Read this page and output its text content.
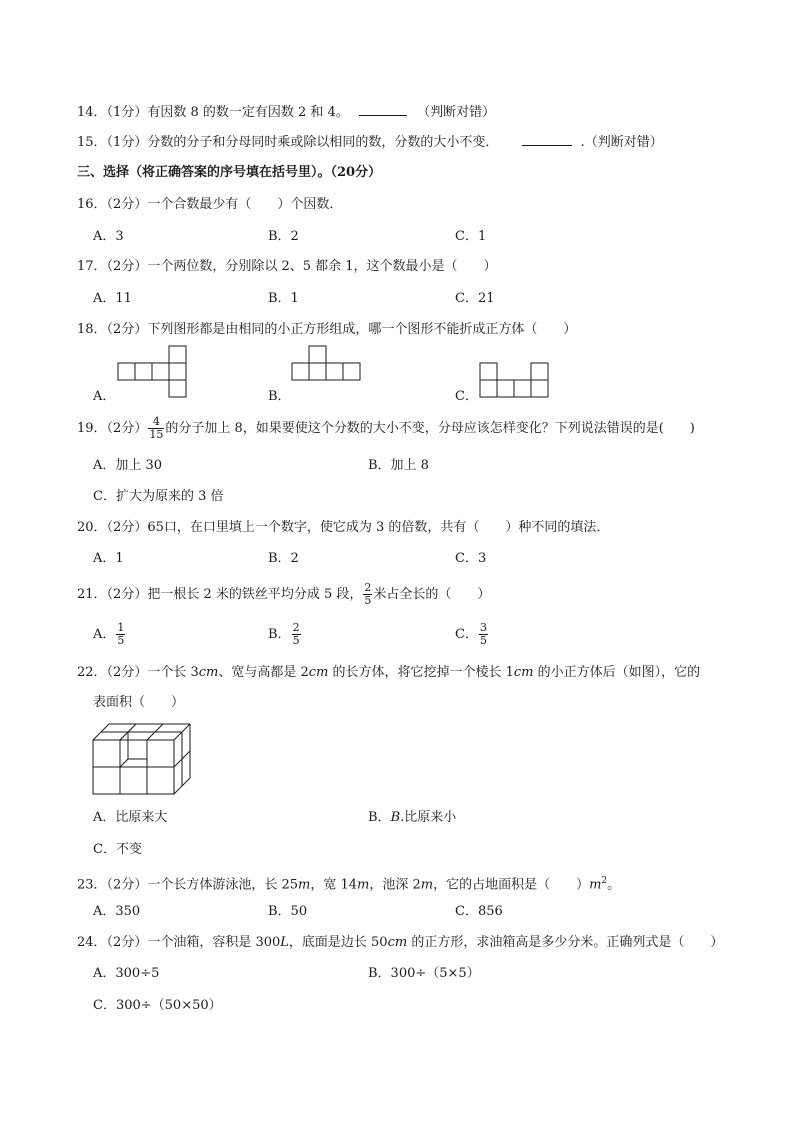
14．（1分）有因数 8 的数一定有因数 2 和 4。	（判断对错）
15．（1分）分数的分子和分母同时乘或除以相同的数，分数的大小不变．	.（判断对错）
三、选择（将正确答案的序号填在括号里）。（20分）
16．（2分）一个合数最少有（　　）个因数．
A．3	B．2	C．1
17．（2分）一个两位数，分别除以 2、5 都余 1，这个数最小是（　　）
A．11	B．1	C．21
18．（2分）下列图形都是由相同的小正方形组成，哪一个图形不能折成正方体（　　）
A．	B．	C．
19．（2分） $\frac{4}{15}$ 的分子加上 8，如果要使这个分数的大小不变，分母应该怎样变化？下列说法错误的是(　　)
A．加上 30	B．加上 8
C．扩大为原来的 3 倍
20．（2分）65口，在口里填上一个数字，使它成为 3 的倍数，共有（　　）种不同的填法．
A．1	B．2	C．3
21．（2分）把一根长 2 米的铁丝平均分成 5 段， $\frac{2}{5}$ 米占全长的（　　）
A． $\frac{1}{5}$	B． $\frac{2}{5}$	C． $\frac{3}{5}$
22．（2分）一个长 3cm、宽与高都是 2cm 的长方体，将它挖掉一个棱长 1cm 的小正方体后（如图），它的
表面积（　　）
A．比原来大	B．B.比原来小
C．不变
23．（2分）一个长方体游泳池，长 25m，宽 14m，池深 2m，它的占地面积是（　　）$m^2$。
A．350	B．50	C．856
24．（2分）一个油箱，容积是 300L，底面是边长 50cm 的正方形，求油箱高是多少分米。正确列式是（　　）
A．300÷5	B．300÷（5×5）
C．300÷（50×50）
